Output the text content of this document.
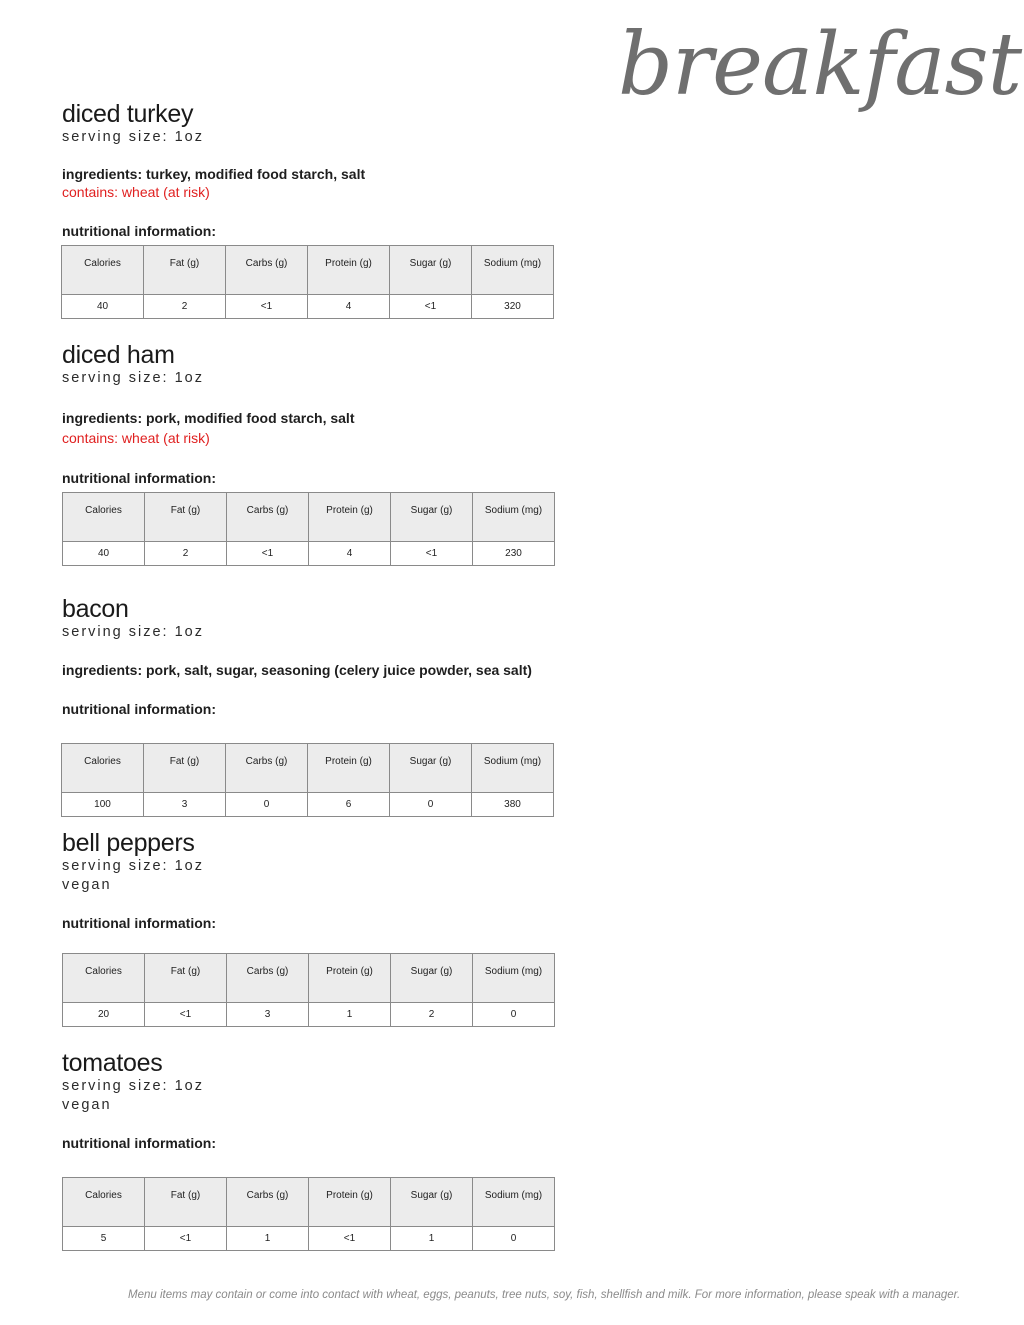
breakfast
diced turkey

serving size: 1oz

ingredients: turkey, modified food starch, salt

contains: wheat (at risk)

nutritional information:

Calories	Fat (g)	Carbs (g)	Protein (g)	Sugar (g)	Sodium (mg)
40	2	<1	4	<1	320
diced ham

serving size: 1oz

ingredients: pork, modified food starch, salt

contains: wheat (at risk)

nutritional information:

Calories	Fat (g)	Carbs (g)	Protein (g)	Sugar (g)	Sodium (mg)
40	2	<1	4	<1	230
bacon

serving size: 1oz

ingredients: pork, salt, sugar, seasoning (celery juice powder, sea salt)

nutritional information:

Calories	Fat (g)	Carbs (g)	Protein (g)	Sugar (g)	Sodium (mg)
100	3	0	6	0	380
bell peppers

serving size: 1oz

vegan

nutritional information:

Calories	Fat (g)	Carbs (g)	Protein (g)	Sugar (g)	Sodium (mg)
20	<1	3	1	2	0
tomatoes

serving size: 1oz

vegan

nutritional information:

Calories	Fat (g)	Carbs (g)	Protein (g)	Sugar (g)	Sodium (mg)
5	<1	1	<1	1	0

Menu items may contain or come into contact with wheat, eggs, peanuts, tree nuts, soy, fish, shellfish and milk. For more information, please speak with a manager.
